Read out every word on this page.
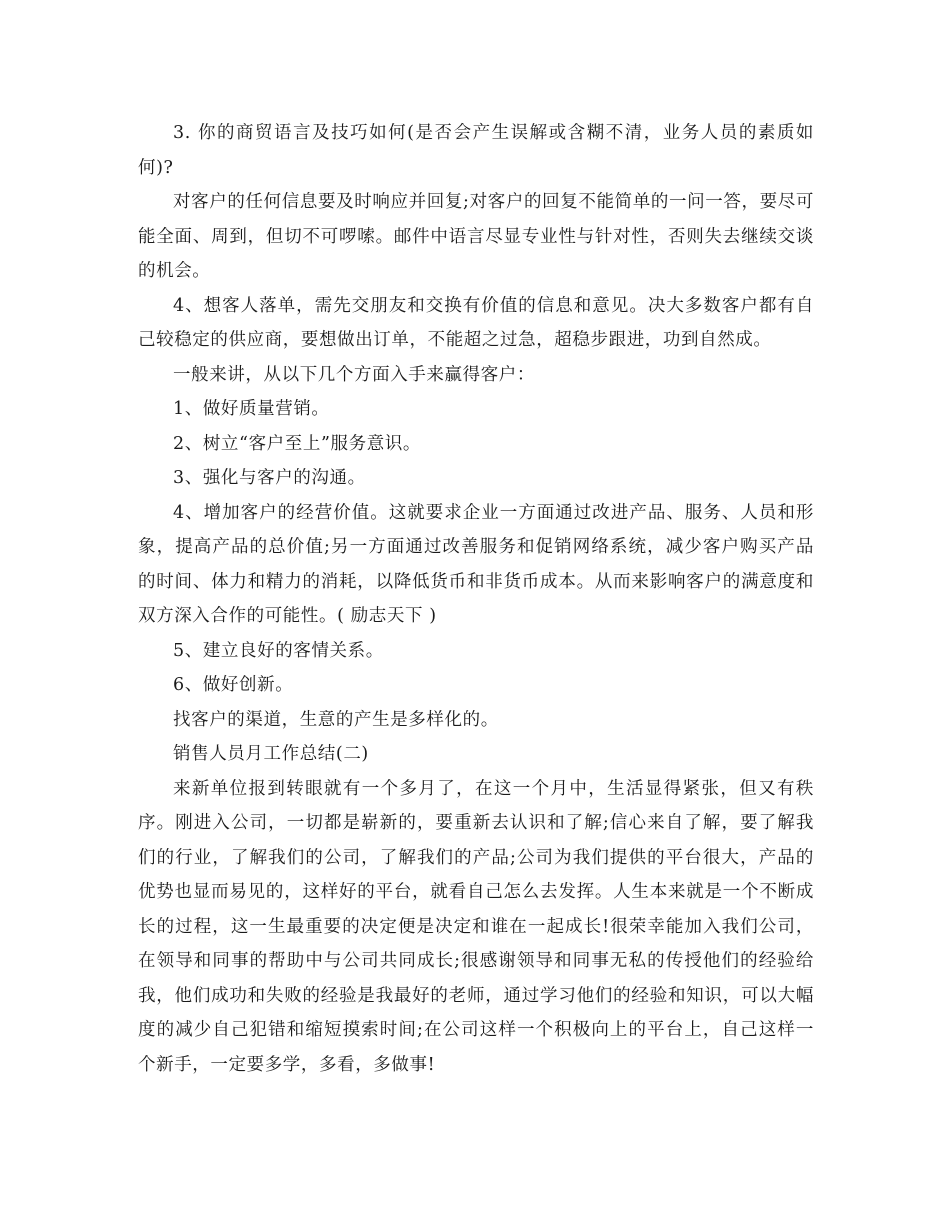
3. 你的商贸语言及技巧如何(是否会产生误解或含糊不清，业务人员的素质如何)?

对客户的任何信息要及时响应并回复;对客户的回复不能简单的一问一答，要尽可能全面、周到，但切不可啰嗦。邮件中语言尽显专业性与针对性，否则失去继续交谈的机会。

4、想客人落单，需先交朋友和交换有价值的信息和意见。决大多数客户都有自己较稳定的供应商，要想做出订单，不能超之过急，超稳步跟进，功到自然成。

一般来讲，从以下几个方面入手来赢得客户：

1、做好质量营销。

2、树立“客户至上”服务意识。

3、强化与客户的沟通。

4、增加客户的经营价值。这就要求企业一方面通过改进产品、服务、人员和形象，提高产品的总价值;另一方面通过改善服务和促销网络系统，减少客户购买产品的时间、体力和精力的消耗，以降低货币和非货币成本。从而来影响客户的满意度和双方深入合作的可能性。( 励志天下 )

5、建立良好的客情关系。

6、做好创新。

找客户的渠道，生意的产生是多样化的。

销售人员月工作总结(二)

来新单位报到转眼就有一个多月了，在这一个月中，生活显得紧张，但又有秩序。刚进入公司，一切都是崭新的，要重新去认识和了解;信心来自了解，要了解我们的行业，了解我们的公司，了解我们的产品;公司为我们提供的平台很大，产品的优势也显而易见的，这样好的平台，就看自己怎么去发挥。人生本来就是一个不断成长的过程，这一生最重要的决定便是决定和谁在一起成长!很荣幸能加入我们公司，在领导和同事的帮助中与公司共同成长;很感谢领导和同事无私的传授他们的经验给我，他们成功和失败的经验是我最好的老师，通过学习他们的经验和知识，可以大幅度的减少自己犯错和缩短摸索时间;在公司这样一个积极向上的平台上，自己这样一个新手，一定要多学，多看，多做事!
